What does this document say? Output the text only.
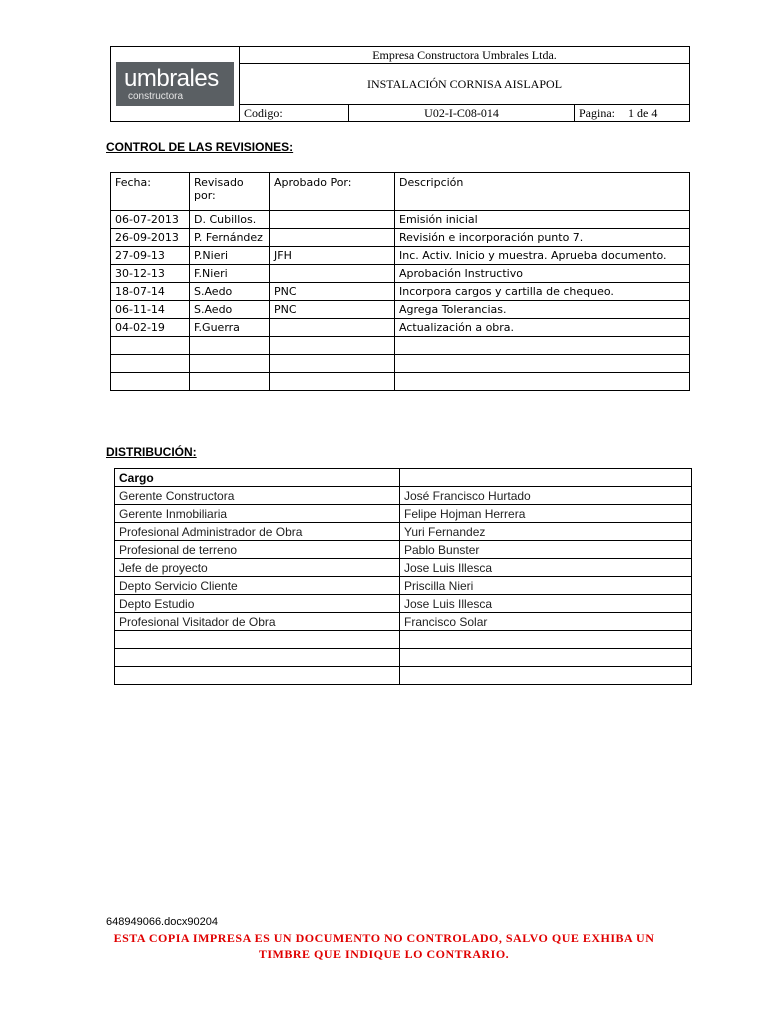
umbrales
constructora	Empresa Constructora Umbrales Ltda.		
	INSTALACIÓN CORNISA AISLAPOL		
	Codigo:	U02-I-C08-014	Pagina: 1 de 4
CONTROL DE LAS REVISIONES:
Fecha:	Revisado por:	Aprobado Por:	Descripción
06-07-2013	D. Cubillos.		Emisión inicial
26-09-2013	P. Fernández		Revisión e incorporación punto 7.
27-09-13	P.Nieri	JFH	Inc. Activ. Inicio y muestra. Aprueba documento.
30-12-13	F.Nieri		Aprobación Instructivo
18-07-14	S.Aedo	PNC	Incorpora cargos y cartilla de chequeo.
06-11-14	S.Aedo	PNC	Agrega Tolerancias.
04-02-19	F.Guerra		Actualización a obra.

DISTRIBUCIÓN:
Cargo	
Gerente Constructora	José Francisco Hurtado
Gerente Inmobiliaria	Felipe Hojman Herrera
Profesional Administrador de Obra	Yuri Fernandez
Profesional de terreno	Pablo Bunster
Jefe de proyecto	Jose Luis Illesca
Depto Servicio Cliente	Priscilla Nieri
Depto Estudio	Jose Luis Illesca
Profesional Visitador de Obra	Francisco Solar

648949066.docx90204
ESTA COPIA IMPRESA ES UN DOCUMENTO NO CONTROLADO, SALVO QUE EXHIBA UN
TIMBRE QUE INDIQUE LO CONTRARIO.
